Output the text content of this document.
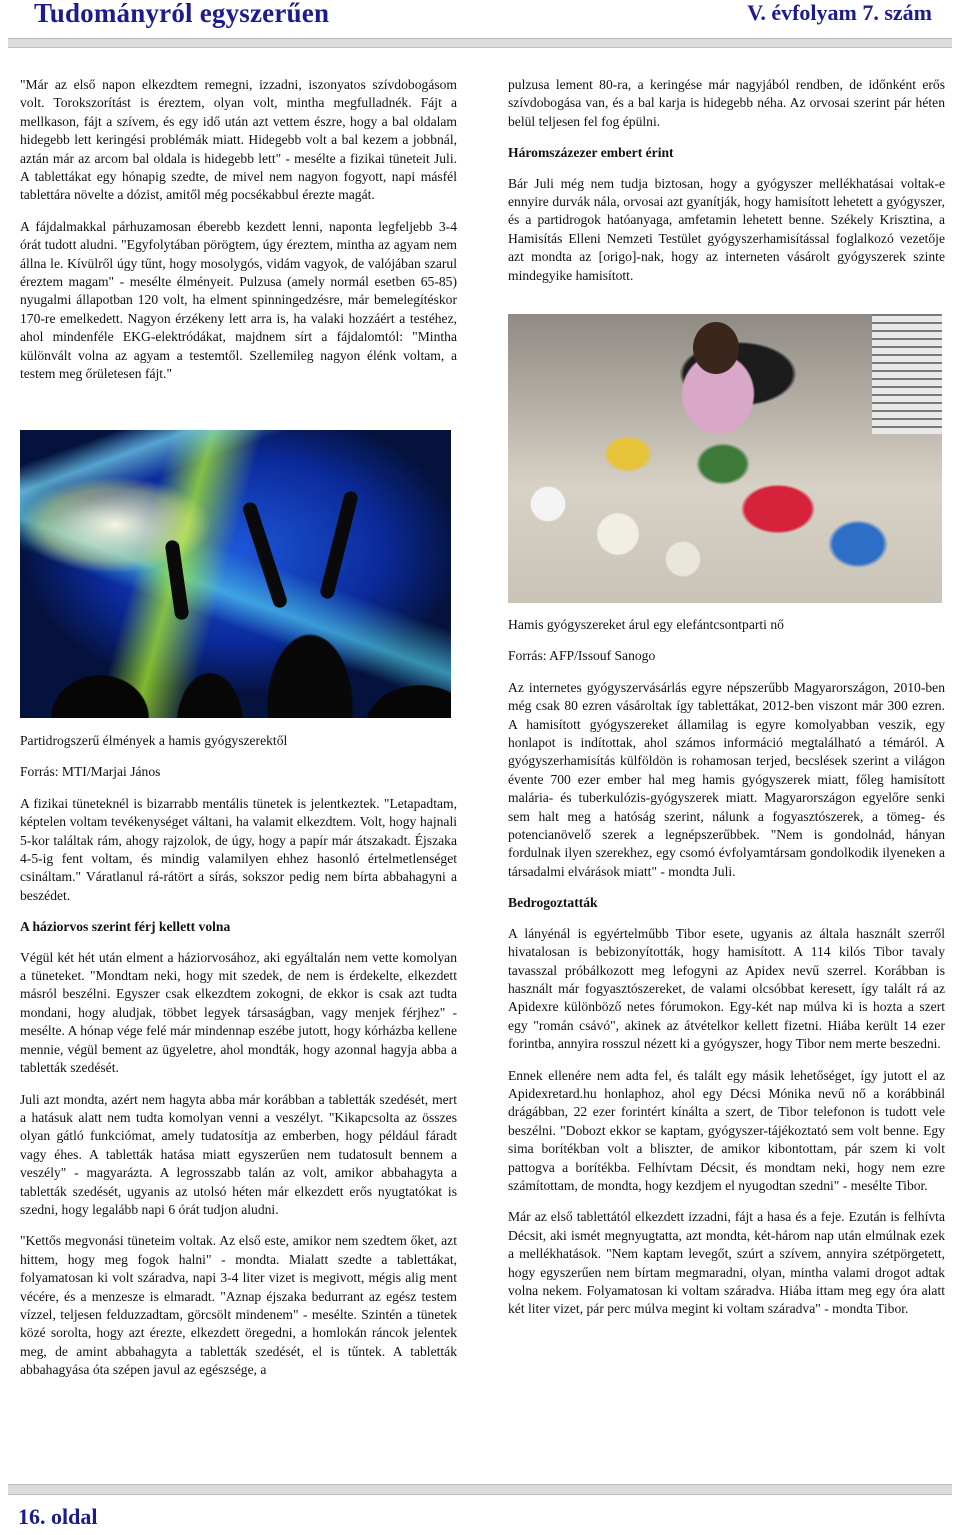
Tudományról egyszerűen	V. évfolyam 7. szám

"Már az első napon elkezdtem remegni, izzadni, iszonyatos szívdobogásom volt. Torokszorítást is éreztem, olyan volt, mintha megfulladnék. Fájt a mellkason, fájt a szívem, és egy idő után azt vettem észre, hogy a bal oldalam hidegebb lett keringési problémák miatt. Hidegebb volt a bal kezem a jobbnál, aztán már az arcom bal oldala is hidegebb lett" - mesélte a fizikai tüneteit Juli. A tablettákat egy hónapig szedte, de mivel nem nagyon fogyott, napi másfél tablettára növelte a dózist, amitől még pocsékabbul érezte magát.

A fájdalmakkal párhuzamosan éberebb kezdett lenni, naponta legfeljebb 3-4 órát tudott aludni. "Egyfolytában pörögtem, úgy éreztem, mintha az agyam nem állna le. Kívülről úgy tűnt, hogy mosolygós, vidám vagyok, de valójában szarul éreztem magam" - mesélte élményeit. Pulzusa (amely normál esetben 65-85) nyugalmi állapotban 120 volt, ha elment spinningedzésre, már bemelegítéskor 170-re emelkedett. Nagyon érzékeny lett arra is, ha valaki hozzáért a testéhez, ahol mindenféle EKG-elektródákat, majdnem sírt a fájdalomtól: "Mintha különvált volna az agyam a testemtől. Szellemileg nagyon élénk voltam, a testem meg őrületesen fájt."

Partidrogszerű élmények a hamis gyógyszerektől

Forrás: MTI/Marjai János

A fizikai tüneteknél is bizarrabb mentális tünetek is jelentkeztek. "Letapadtam, képtelen voltam tevékenységet váltani, ha valamit elkezdtem. Volt, hogy hajnali 5-kor találtak rám, ahogy rajzolok, de úgy, hogy a papír már átszakadt. Éjszaka 4-5-ig fent voltam, és mindig valamilyen ehhez hasonló értelmetlenséget csináltam." Váratlanul rá-rátört a sírás, sokszor pedig nem bírta abbahagyni a beszédet.

A háziorvos szerint férj kellett volna

Végül két hét után elment a háziorvosához, aki egyáltalán nem vette komolyan a tüneteket. "Mondtam neki, hogy mit szedek, de nem is érdekelte, elkezdett másról beszélni. Egyszer csak elkezdtem zokogni, de ekkor is csak azt tudta mondani, hogy aludjak, többet legyek társaságban, vagy menjek férjhez" - mesélte. A hónap vége felé már mindennap eszébe jutott, hogy kórházba kellene mennie, végül bement az ügyeletre, ahol mondták, hogy azonnal hagyja abba a tabletták szedését.

Juli azt mondta, azért nem hagyta abba már korábban a tabletták szedését, mert a hatásuk alatt nem tudta komolyan venni a veszélyt. "Kikapcsolta az összes olyan gátló funkciómat, amely tudatosítja az emberben, hogy például fáradt vagy éhes. A tabletták hatása miatt egyszerűen nem tudatosult bennem a veszély" - magyarázta. A legrosszabb talán az volt, amikor abbahagyta a tabletták szedését, ugyanis az utolsó héten már elkezdett erős nyugtatókat is szedni, hogy legalább napi 6 órát tudjon aludni.

"Kettős megvonási tüneteim voltak. Az első este, amikor nem szedtem őket, azt hittem, hogy meg fogok halni" - mondta. Mialatt szedte a tablettákat, folyamatosan ki volt száradva, napi 3-4 liter vizet is megivott, mégis alig ment vécére, és a menzesze is elmaradt. "Aznap éjszaka bedurrant az egész testem vízzel, teljesen felduzzadtam, görcsölt mindenem" - mesélte. Szintén a tünetek közé sorolta, hogy azt érezte, elkezdett öregedni, a homlokán ráncok jelentek meg, de amint abbahagyta a tabletták szedését, el is tűntek. A tabletták abbahagyása óta szépen javul az egészsége, a

pulzusa lement 80-ra, a keringése már nagyjából rendben, de időnként erős szívdobogása van, és a bal karja is hidegebb néha. Az orvosai szerint pár héten belül teljesen fel fog épülni.

Háromszázezer embert érint

Bár Juli még nem tudja biztosan, hogy a gyógyszer mellékhatásai voltak-e ennyire durvák nála, orvosai azt gyanítják, hogy hamisított lehetett a gyógyszer, és a partidrogok hatóanyaga, amfetamin lehetett benne. Székely Krisztina, a Hamisítás Elleni Nemzeti Testület gyógyszerhamisítással foglalkozó vezetője azt mondta az [origo]-nak, hogy az interneten vásárolt gyógyszerek szinte mindegyike hamisított.

Hamis gyógyszereket árul egy elefántcsontparti nő

Forrás: AFP/Issouf Sanogo

Az internetes gyógyszervásárlás egyre népszerűbb Magyarországon, 2010-ben még csak 80 ezren vásároltak így tablettákat, 2012-ben viszont már 300 ezren. A hamisított gyógyszereket államilag is egyre komolyabban veszik, egy honlapot is indítottak, ahol számos információ megtalálható a témáról. A gyógyszerhamisítás külföldön is rohamosan terjed, becslések szerint a világon évente 700 ezer ember hal meg hamis gyógyszerek miatt, főleg hamisított malária- és tuberkulózis-gyógyszerek miatt. Magyarországon egyelőre senki sem halt meg a hatóság szerint, nálunk a fogyasztószerek, a tömeg- és potencianövelő szerek a legnépszerűbbek. "Nem is gondolnád, hányan fordulnak ilyen szerekhez, egy csomó évfolyamtársam gondolkodik ilyeneken a társadalmi elvárások miatt" - mondta Juli.

Bedrogoztatták

A lányénál is egyértelműbb Tibor esete, ugyanis az általa használt szerről hivatalosan is bebizonyították, hogy hamisított. A 114 kilós Tibor tavaly tavasszal próbálkozott meg lefogyni az Apidex nevű szerrel. Korábban is használt már fogyasztószereket, de valami olcsóbbat keresett, így talált rá az Apidexre különböző netes fórumokon. Egy-két nap múlva ki is hozta a szert egy "román csávó", akinek az átvételkor kellett fizetni. Hiába került 14 ezer forintba, annyira rosszul nézett ki a gyógyszer, hogy Tibor nem merte beszedni.

Ennek ellenére nem adta fel, és talált egy másik lehetőséget, így jutott el az Apidexretard.hu honlaphoz, ahol egy Décsi Mónika nevű nő a korábbinál drágábban, 22 ezer forintért kínálta a szert, de Tibor telefonon is tudott vele beszélni. "Dobozt ekkor se kaptam, gyógyszer-tájékoztató sem volt benne. Egy sima borítékban volt a bliszter, de amikor kibontottam, pár szem ki volt pattogva a borítékba. Felhívtam Décsit, és mondtam neki, hogy nem ezre számítottam, de mondta, hogy kezdjem el nyugodtan szedni" - mesélte Tibor.

Már az első tablettától elkezdett izzadni, fájt a hasa és a feje. Ezután is felhívta Décsit, aki ismét megnyugtatta, azt mondta, két-három nap után elmúlnak ezek a mellékhatások. "Nem kaptam levegőt, szúrt a szívem, annyira szétpörgetett, hogy egyszerűen nem bírtam megmaradni, olyan, mintha valami drogot adtak volna nekem. Folyamatosan ki voltam száradva. Hiába ittam meg egy óra alatt két liter vizet, pár perc múlva megint ki voltam száradva" - mondta Tibor.

16. oldal
